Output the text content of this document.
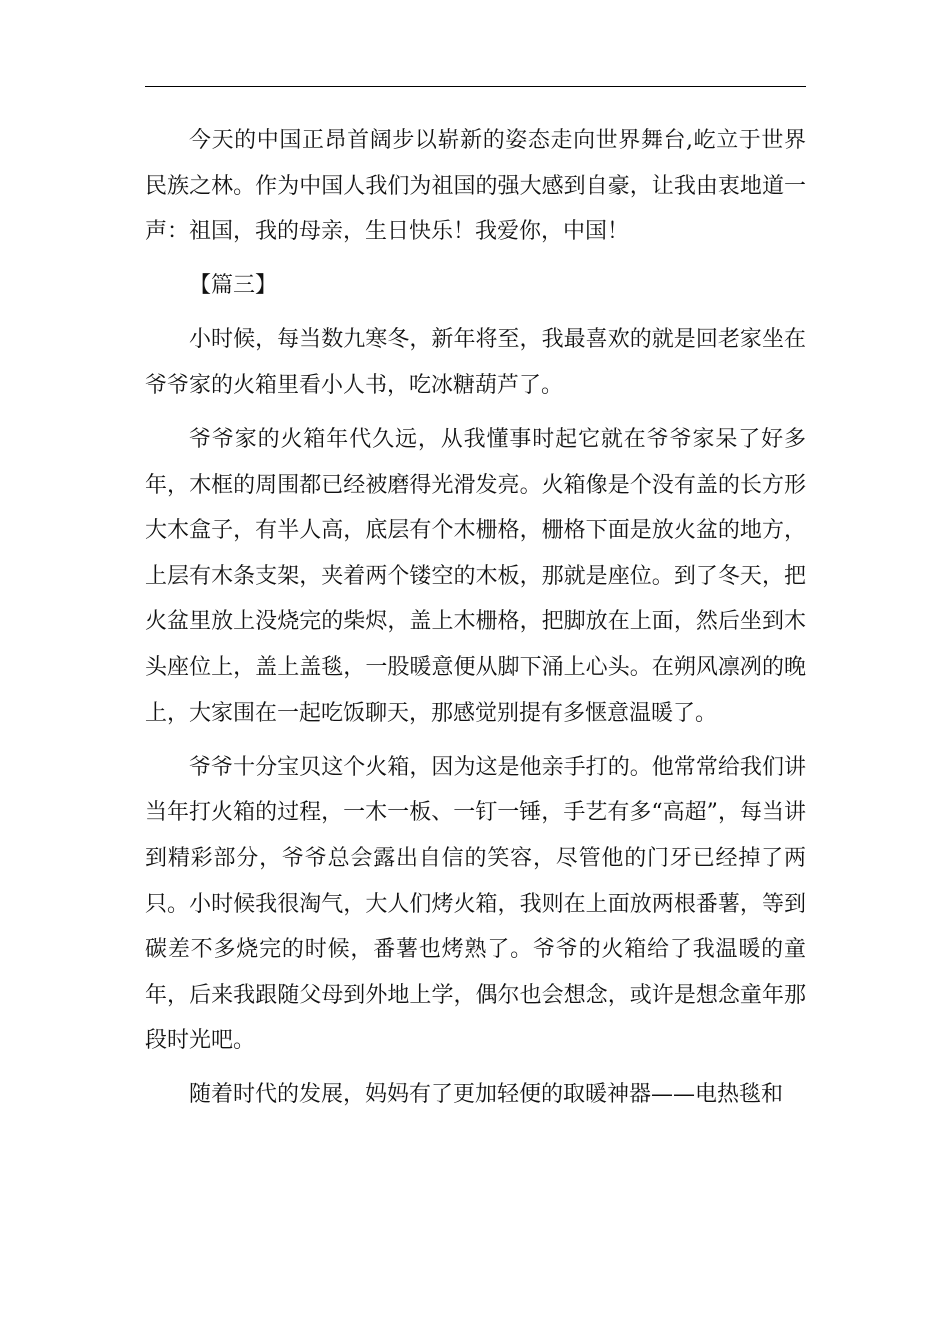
今天的中国正昂首阔步以崭新的姿态走向世界舞台,屹立于世界民族之林。作为中国人我们为祖国的强大感到自豪，让我由衷地道一声：祖国，我的母亲，生日快乐！我爱你，中国！

【篇三】

小时候，每当数九寒冬，新年将至，我最喜欢的就是回老家坐在爷爷家的火箱里看小人书，吃冰糖葫芦了。

爷爷家的火箱年代久远，从我懂事时起它就在爷爷家呆了好多年，木框的周围都已经被磨得光滑发亮。火箱像是个没有盖的长方形大木盒子，有半人高，底层有个木栅格，栅格下面是放火盆的地方，上层有木条支架，夹着两个镂空的木板，那就是座位。到了冬天，把火盆里放上没烧完的柴烬，盖上木栅格，把脚放在上面，然后坐到木头座位上，盖上盖毯，一股暖意便从脚下涌上心头。在朔风凛冽的晚上，大家围在一起吃饭聊天，那感觉别提有多惬意温暖了。

爷爷十分宝贝这个火箱，因为这是他亲手打的。他常常给我们讲当年打火箱的过程，一木一板、一钉一锤，手艺有多“高超”，每当讲到精彩部分，爷爷总会露出自信的笑容，尽管他的门牙已经掉了两只。小时候我很淘气，大人们烤火箱，我则在上面放两根番薯，等到碳差不多烧完的时候，番薯也烤熟了。爷爷的火箱给了我温暖的童年，后来我跟随父母到外地上学，偶尔也会想念，或许是想念童年那段时光吧。

随着时代的发展，妈妈有了更加轻便的取暖神器——电热毯和
